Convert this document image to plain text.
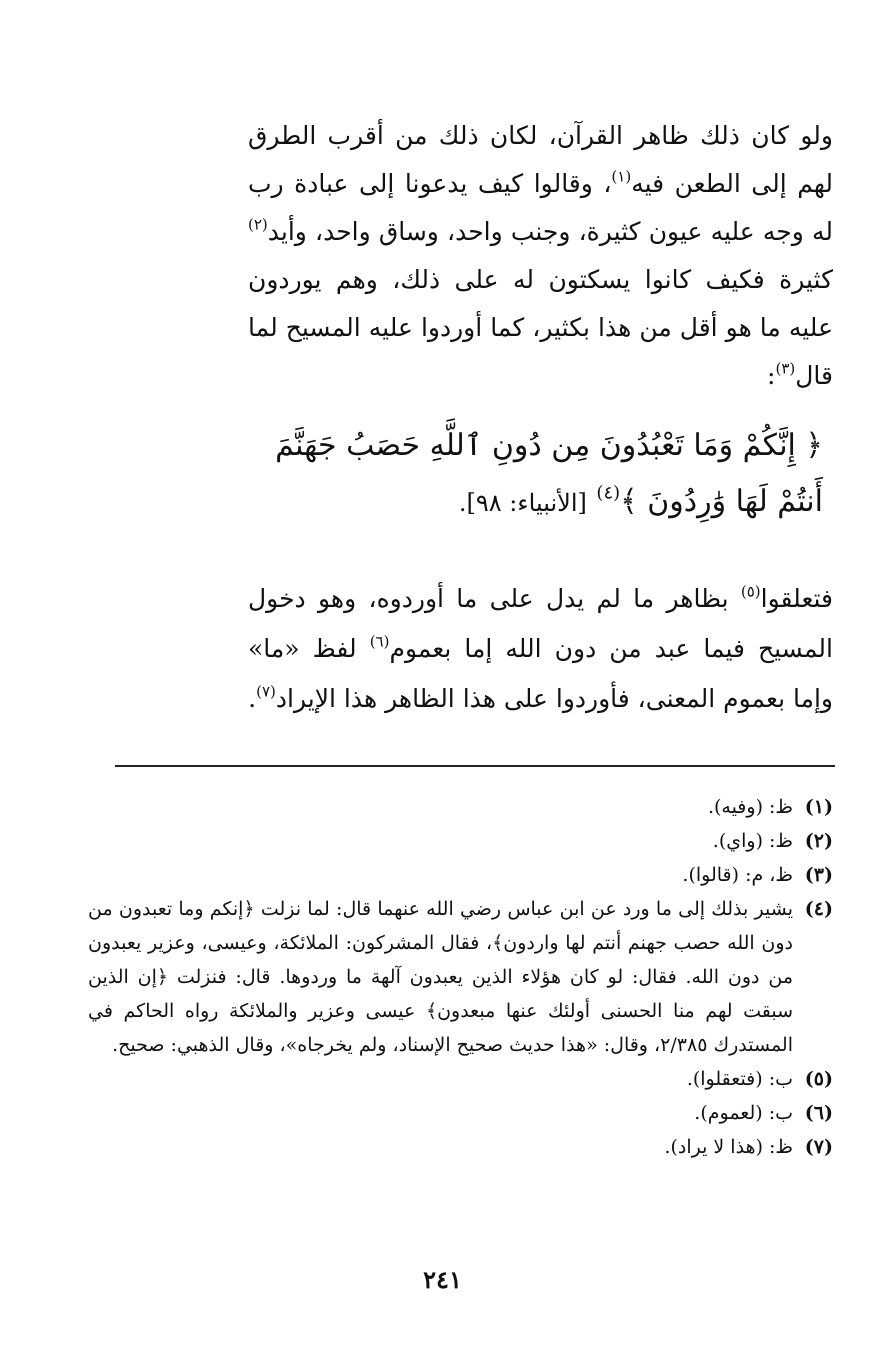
ولو كان ذلك ظاهر القرآن، لكان ذلك من أقرب الطرق لهم إلى الطعن فيه$^{(١)}$، وقالوا كيف يدعونا إلى عبادة رب له وجه عليه عيون كثيرة، وجنب واحد، وساق واحد، وأيد$^{(٢)}$ كثيرة فكيف كانوا يسكتون له على ذلك، وهم يوردون عليه ما هو أقل من هذا بكثير، كما أوردوا عليه المسيح لما قال$^{(٣)}$:

﴿ إِنَّكُمْ وَمَا تَعْبُدُونَ مِن دُونِ ٱللَّهِ حَصَبُ جَهَنَّمَ
أَنتُمْ لَهَا وَٰرِدُونَ ﴾$^{(٤)}$ [الأنبياء: ٩٨].
فتعلقوا$^{(٥)}$ بظاهر ما لم يدل على ما أوردوه، وهو دخول المسيح فيما عبد من دون الله إما بعموم$^{(٦)}$ لفظ «ما» وإما بعموم المعنى، فأوردوا على هذا الظاهر هذا الإيراد$^{(٧)}$.
(١)
ظ: (وفيه).
(٢)
ظ: (واي).
(٣)
ظ، م: (قالوا).
(٤)
يشير بذلك إلى ما ورد عن ابن عباس رضي الله عنهما قال: لما نزلت ﴿إنكم وما تعبدون من دون الله حصب جهنم أنتم لها واردون﴾، فقال المشركون: الملائكة، وعيسى، وعزير يعبدون من دون الله. فقال: لو كان هؤلاء الذين يعبدون آلهة ما وردوها. قال: فنزلت ﴿إن الذين سبقت لهم منا الحسنى أولئك عنها مبعدون﴾ عيسى وعزير والملائكة رواه الحاكم في المستدرك ٢/٣٨٥، وقال: «هذا حديث صحيح الإسناد، ولم يخرجاه»، وقال الذهبي: صحيح.
(٥)
ب: (فتعقلوا).
(٦)
ب: (لعموم).
(٧)
ظ: (هذا لا يراد).
٢٤١
